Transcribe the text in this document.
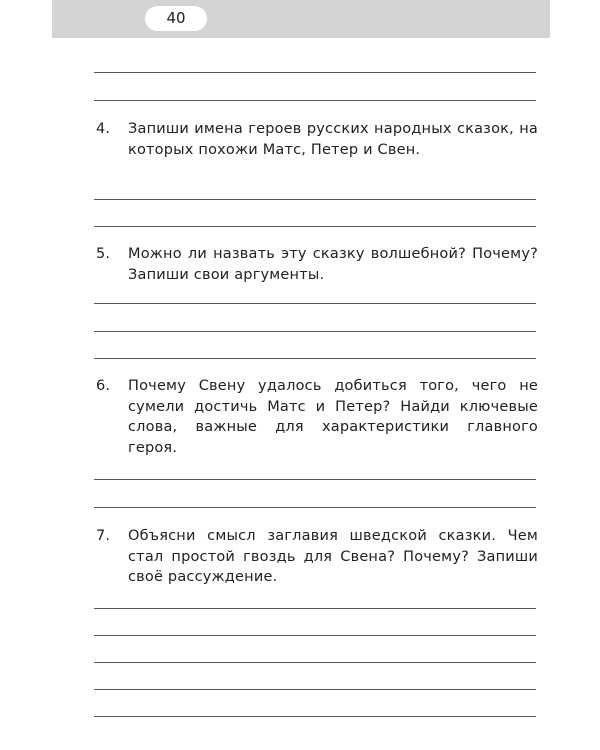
40
4. Запиши имена героев русских народных сказок, на которых похожи Матс, Петер и Свен.
5. Можно ли назвать эту сказку волшебной? Почему? Запиши свои аргументы.
6. Почему Свену удалось добиться того, чего не сумели достичь Матс и Петер? Найди ключевые слова, важные для характеристики главного героя.
7. Объясни смысл заглавия шведской сказки. Чем стал простой гвоздь для Свена? Почему? Запиши своё рассуждение.
